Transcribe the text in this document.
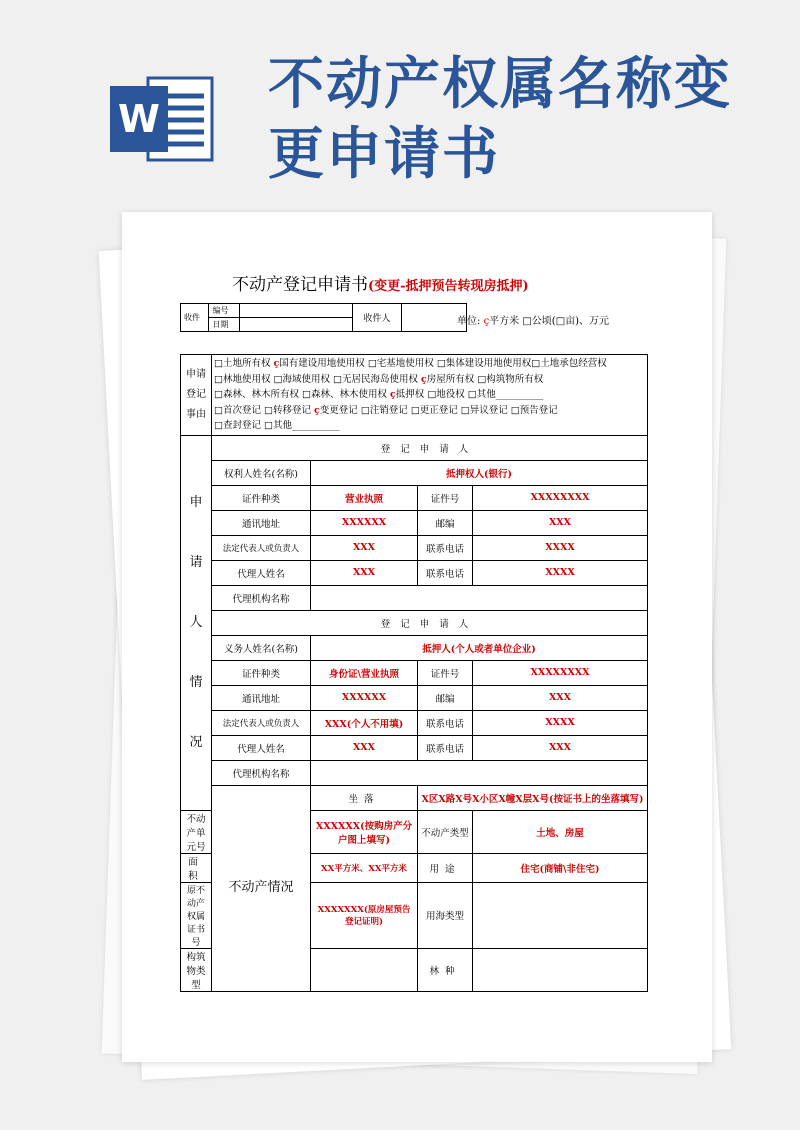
W
不动产权属名称变更申请书
不动产登记申请书(变更-抵押预告转现房抵押)
收件	编号		收件人		
	日期					单位: ç平方米 □公顷(□亩)、万元
申请登记事由	□土地所有权 ç国有建设用地使用权 □宅基地使用权 □集体建设用地使用权□土地承包经营权
□林地使用权 □海域使用权 □无居民海岛使用权 ç房屋所有权 □构筑物所有权
□森林、林木所有权 □森林、林木使用权 ç抵押权 □地役权 □其他__________
□首次登记 □转移登记 ç变更登记 □注销登记 □更正登记 □异议登记 □预告登记
□查封登记 □其他__________			

申请人情况	登记申请人			
	权利人姓名(名称)	抵押权人(银行)		
	证件种类	营业执照	证件号	XXXXXXXX
	通讯地址	XXXXXX	邮编	XXX
	法定代表人或负责人	XXX	联系电话	XXXX
	代理人姓名	XXX	联系电话	XXXX
	代理机构名称			
	登记申请人			
	义务人姓名(名称)	抵押人(个人或者单位企业)		
	证件种类	身份证\营业执照	证件号	XXXXXXXX
	通讯地址	XXXXXX	邮编	XXX
	法定代表人或负责人	XXX(个人不用填)	联系电话	XXXX
	代理人姓名	XXX	联系电话	XXX
	代理机构名称			
	不动产情况	坐落	X区X路X号X小区X幢X层X号(按证书上的坐落填写)	
不动产单元号		XXXXXX(按购房产分户图上填写)	不动产类型	土地、房屋
面积		XX平方米、XX平方米	用途	住宅(商铺\非住宅)
原不动产权属证书号		XXXXXXX(原房屋预告登记证明)	用海类型	
构筑物类型			林种	
